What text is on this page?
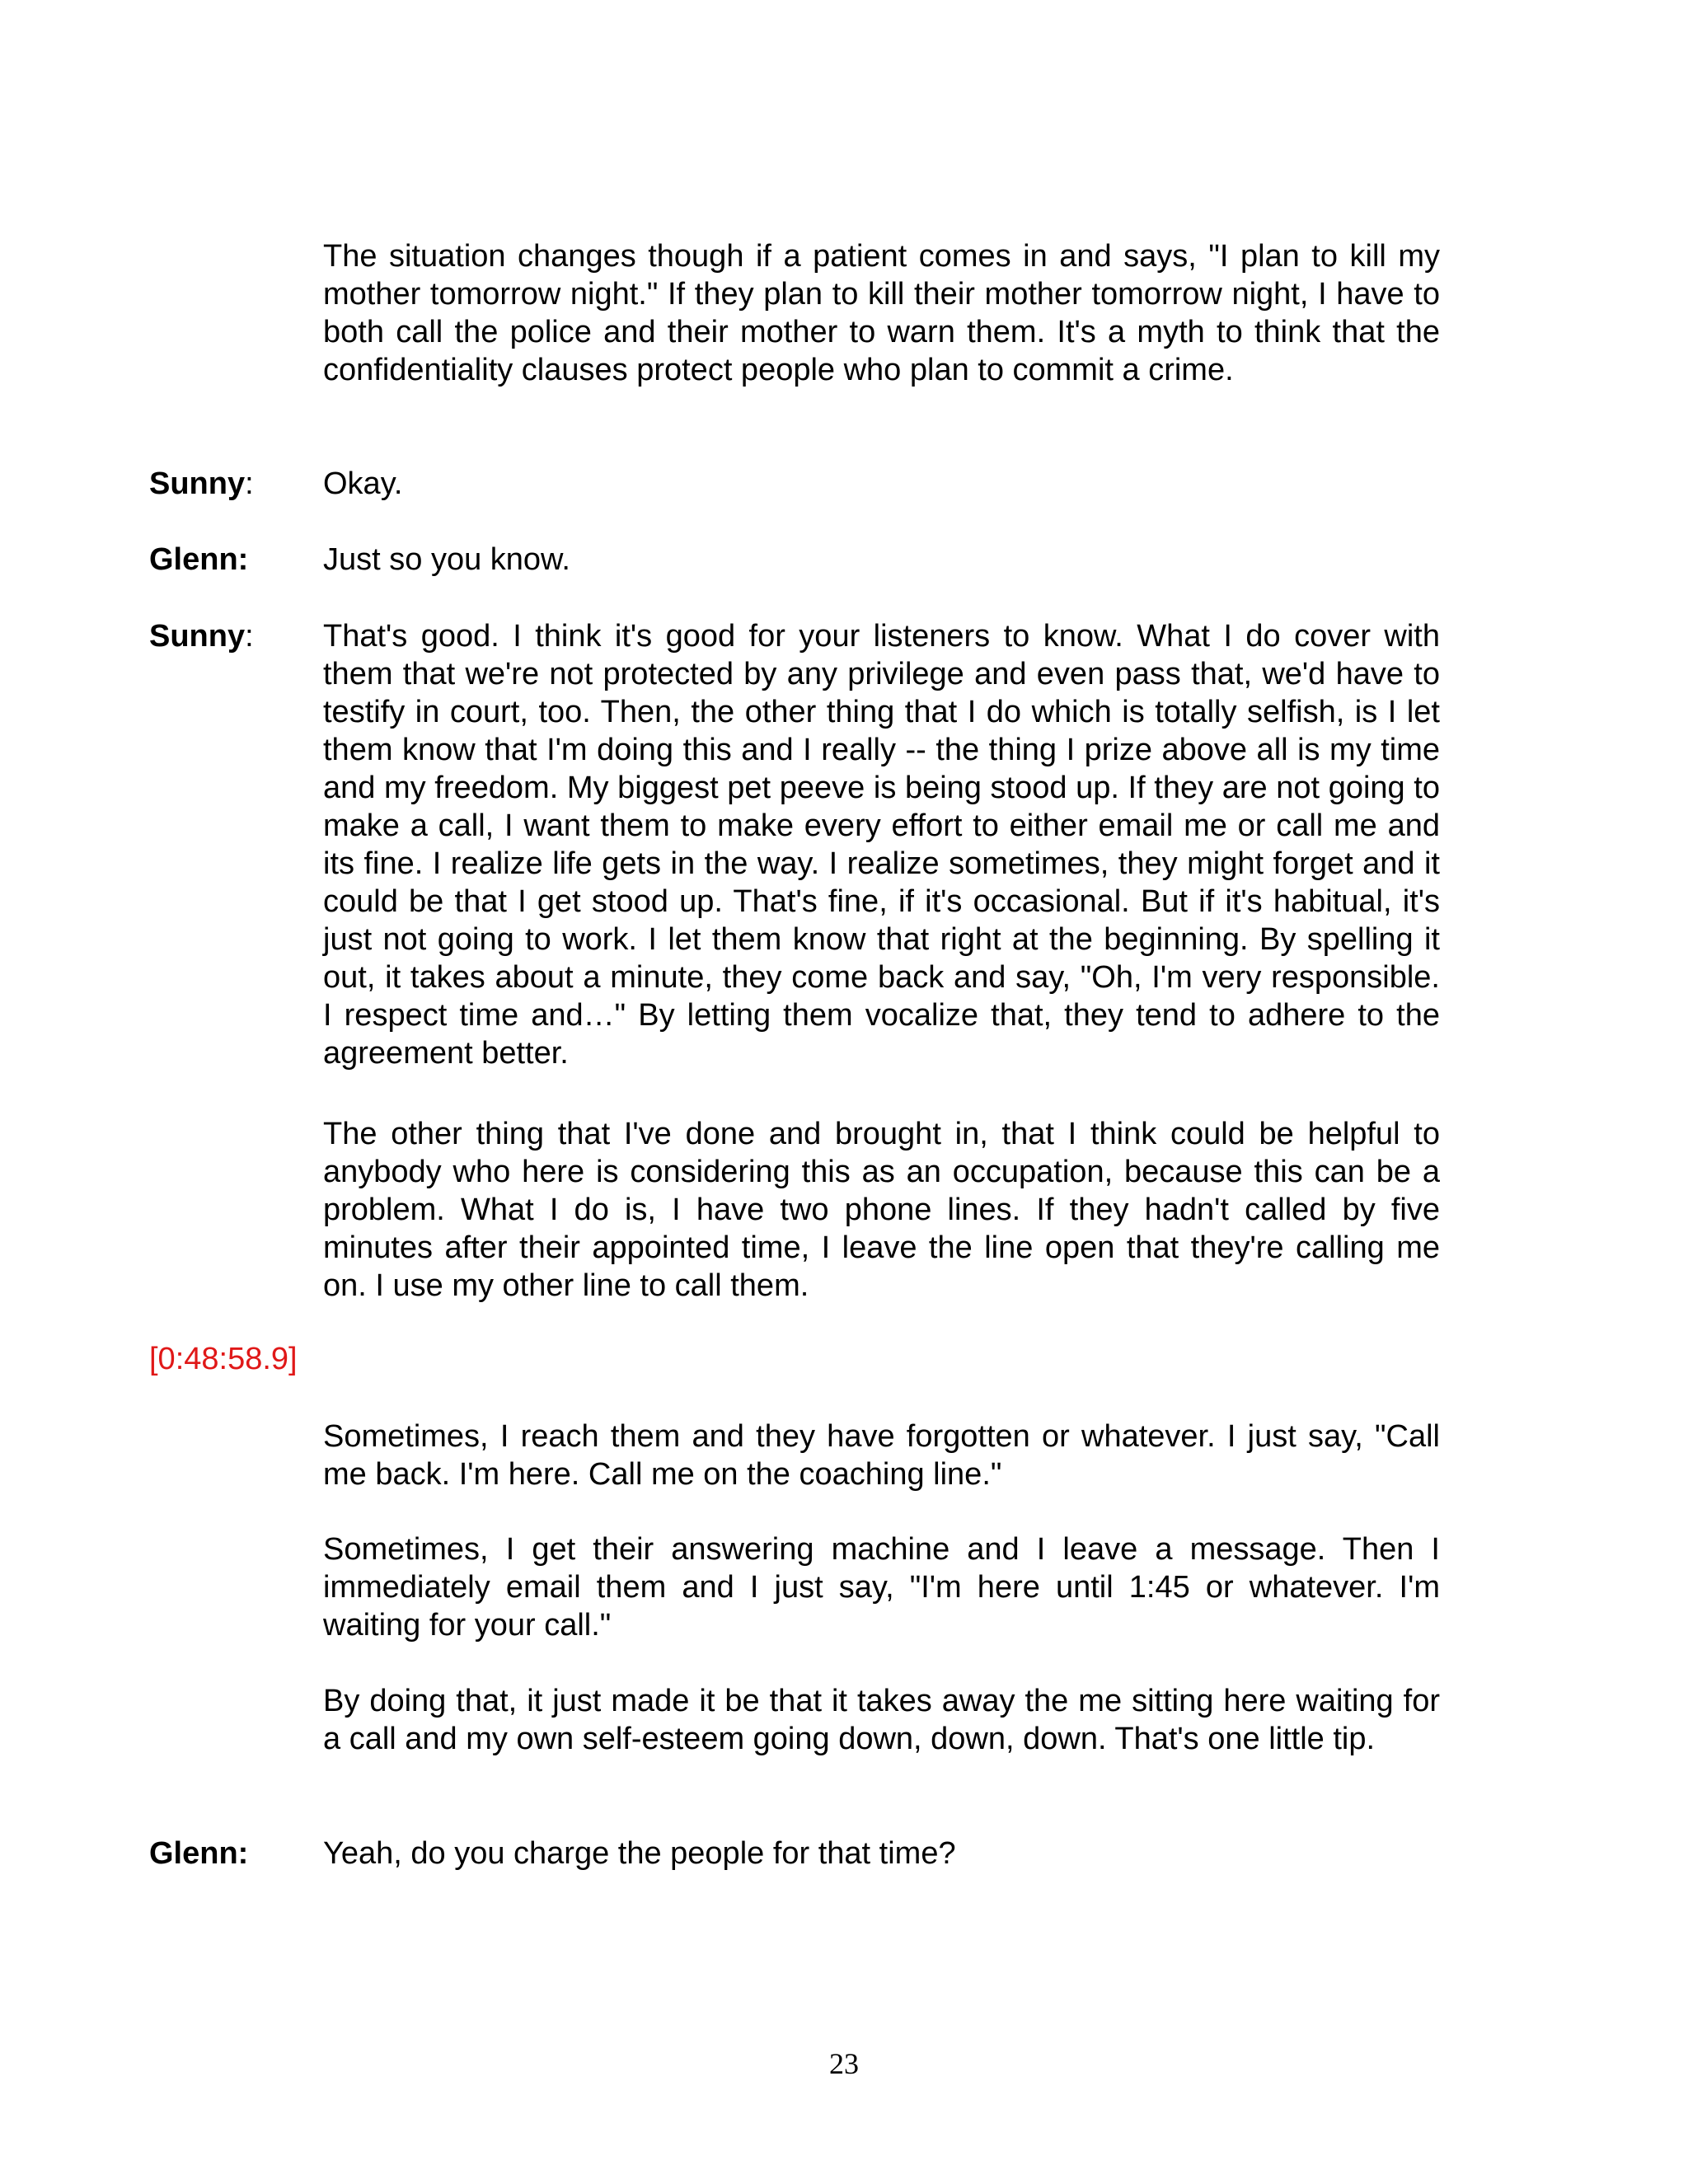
The situation changes though if a patient comes in and says, "I plan to kill my mother tomorrow night." If they plan to kill their mother tomorrow night, I have to both call the police and their mother to warn them. It's a myth to think that the confidentiality clauses protect people who plan to commit a crime.

Sunny: Okay.

Glenn: Just so you know.

Sunny: That's good. I think it's good for your listeners to know. What I do cover with them that we're not protected by any privilege and even pass that, we'd have to testify in court, too. Then, the other thing that I do which is totally selfish, is I let them know that I'm doing this and I really -- the thing I prize above all is my time and my freedom. My biggest pet peeve is being stood up. If they are not going to make a call, I want them to make every effort to either email me or call me and its fine. I realize life gets in the way. I realize sometimes, they might forget and it could be that I get stood up. That's fine, if it's occasional. But if it's habitual, it's just not going to work. I let them know that right at the beginning. By spelling it out, it takes about a minute, they come back and say, "Oh, I'm very responsible. I respect time and…" By letting them vocalize that, they tend to adhere to the agreement better.

The other thing that I've done and brought in, that I think could be helpful to anybody who here is considering this as an occupation, because this can be a problem. What I do is, I have two phone lines. If they hadn't called by five minutes after their appointed time, I leave the line open that they're calling me on. I use my other line to call them.

[0:48:58.9]

Sometimes, I reach them and they have forgotten or whatever. I just say, "Call me back. I'm here. Call me on the coaching line."

Sometimes, I get their answering machine and I leave a message. Then I immediately email them and I just say, "I'm here until 1:45 or whatever. I'm waiting for your call."

By doing that, it just made it be that it takes away the me sitting here waiting for a call and my own self-esteem going down, down, down. That's one little tip.

Glenn: Yeah, do you charge the people for that time?

23
